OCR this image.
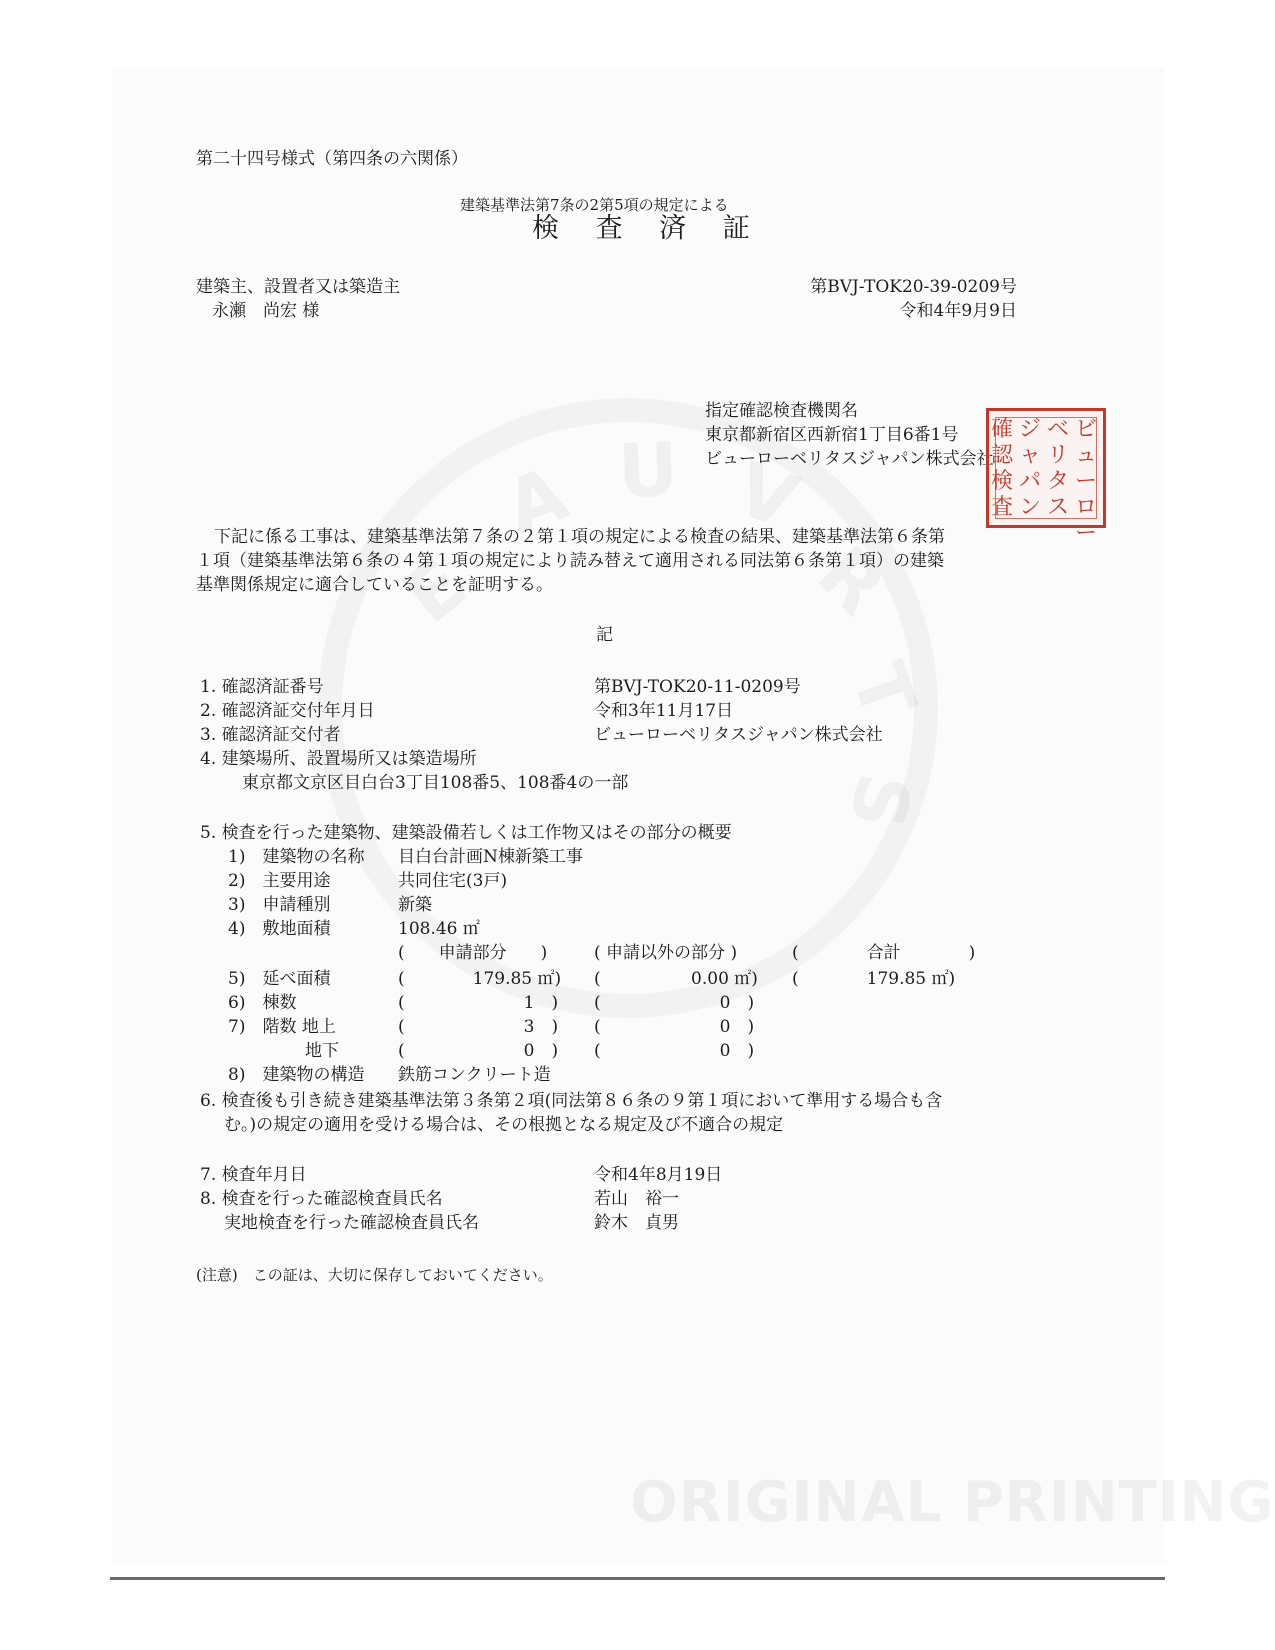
ORIGINAL PRINTING
第二十四号様式（第四条の六関係）
建築基準法第7条の2第5項の規定による
検 査 済 証
建築主、設置者又は築造主
永瀬　尚宏 様
第BVJ-TOK20-39-0209号
令和4年9月9日
指定確認検査機関名
東京都新宿区西新宿1丁目6番1号
ビューローベリタスジャパン株式会社
ビューロー
ベリタス
ジャパン
確認検査
下記に係る工事は、建築基準法第７条の２第１項の規定による検査の結果、建築基準法第６条第
１項（建築基準法第６条の４第１項の規定により読み替えて適用される同法第６条第１項）の建築
基準関係規定に適合していることを証明する。
記
1. 確認済証番号	第BVJ-TOK20-11-0209号
2. 確認済証交付年月日	令和3年11月17日
3. 確認済証交付者	ビューローベリタスジャパン株式会社
4. 建築場所、設置場所又は築造場所
東京都文京区目白台3丁目108番5、108番4の一部
5. 検査を行った建築物、建築設備若しくは工作物又はその部分の概要
1)　建築物の名称 目白台計画N棟新築工事
2)　主要用途	共同住宅(3戸)
3)　申請種別	新築
4)　敷地面積	108.46 ㎡
(　　申請部分　　)	( 申請以外の部分 )	(　　　　合計　　　　)
5)　延べ面積	(　　　　179.85 ㎡) (　　　　　 0.00 ㎡) (　　　　179.85 ㎡)
6)　棟数	(　　　　　　　1　) (　　　　　　　0　)
7)　階数 地上	(　　　　　　　3　) (　　　　　　　0　)
地下	(　　　　　　　0　) (　　　　　　　0　)
8)　建築物の構造 鉄筋コンクリート造
6. 検査後も引き続き建築基準法第３条第２項(同法第８６条の９第１項において準用する場合も含
む。)の規定の適用を受ける場合は、その根拠となる規定及び不適合の規定
7. 検査年月日	令和4年8月19日
8. 検査を行った確認検査員氏名	若山　裕一
実地検査を行った確認検査員氏名	鈴木　貞男
(注意)　この証は、大切に保存しておいてください。
